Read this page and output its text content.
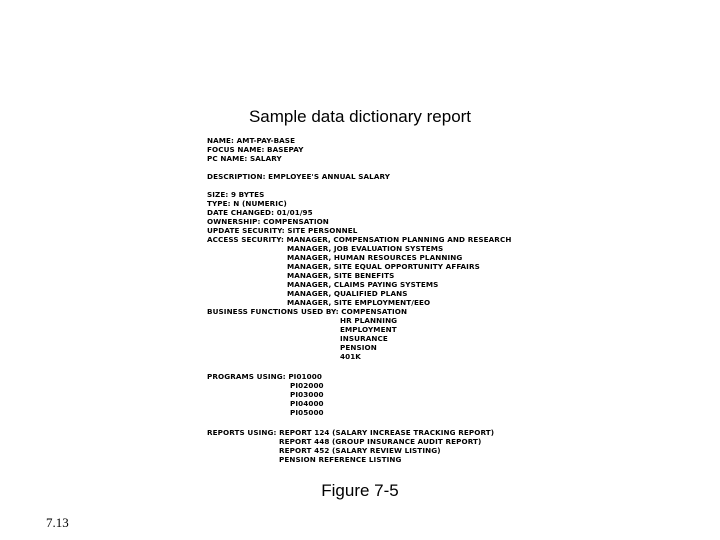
Sample data dictionary report
NAME: AMT-PAY-BASE
FOCUS NAME: BASEPAY
PC NAME: SALARY
DESCRIPTION: EMPLOYEE'S ANNUAL SALARY
SIZE: 9 BYTES
TYPE: N (NUMERIC)
DATE CHANGED: 01/01/95
OWNERSHIP: COMPENSATION
UPDATE SECURITY: SITE PERSONNEL
ACCESS SECURITY: MANAGER, COMPENSATION PLANNING AND RESEARCH
MANAGER, JOB EVALUATION SYSTEMS
MANAGER, HUMAN RESOURCES PLANNING
MANAGER, SITE EQUAL OPPORTUNITY AFFAIRS
MANAGER, SITE BENEFITS
MANAGER, CLAIMS PAYING SYSTEMS
MANAGER, QUALIFIED PLANS
MANAGER, SITE EMPLOYMENT/EEO
BUSINESS FUNCTIONS USED BY: COMPENSATION
HR PLANNING
EMPLOYMENT
INSURANCE
PENSION
401K
PROGRAMS USING: PI01000
PI02000
PI03000
PI04000
PI05000
REPORTS USING: REPORT 124 (SALARY INCREASE TRACKING REPORT)
REPORT 448 (GROUP INSURANCE AUDIT REPORT)
REPORT 452 (SALARY REVIEW LISTING)
PENSION REFERENCE LISTING
Figure 7-5
7.13
